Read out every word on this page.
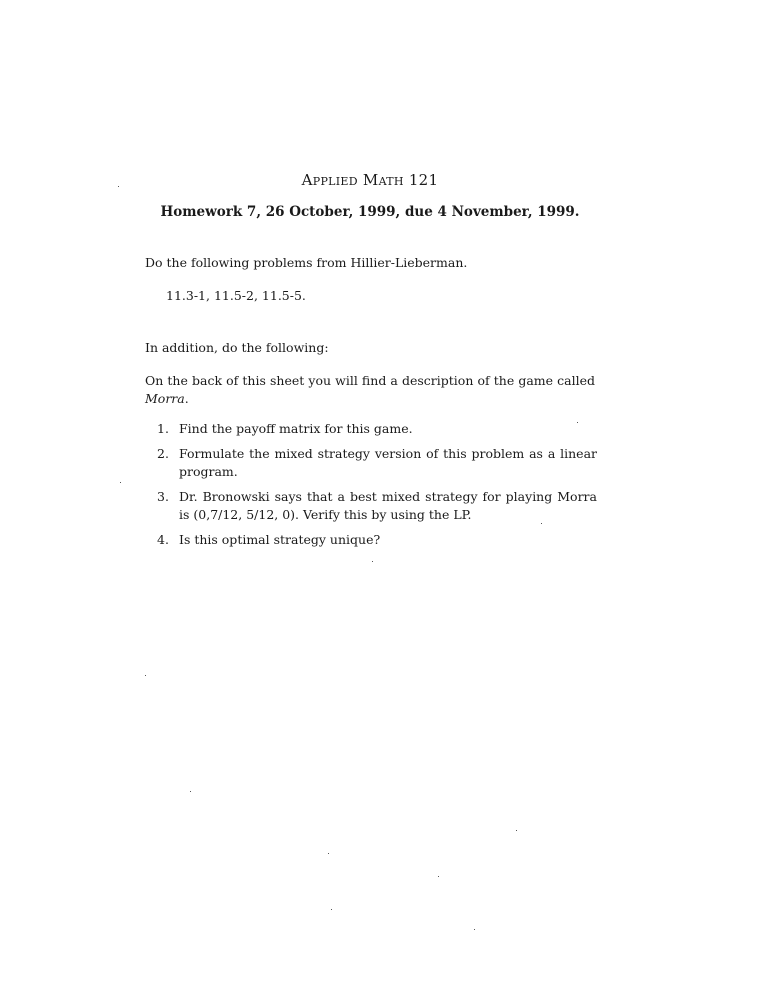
Applied Math 121
Homework 7, 26 October, 1999, due 4 November, 1999.
Do the following problems from Hillier-Lieberman.
11.3-1, 11.5-2, 11.5-5.
In addition, do the following:
On the back of this sheet you will find a description of the game called Morra.
1. Find the payoff matrix for this game.
2. Formulate the mixed strategy version of this problem as a linear program.
3. Dr. Bronowski says that a best mixed strategy for playing Morra is (0,7/12, 5/12, 0). Verify this by using the LP.
4. Is this optimal strategy unique?
